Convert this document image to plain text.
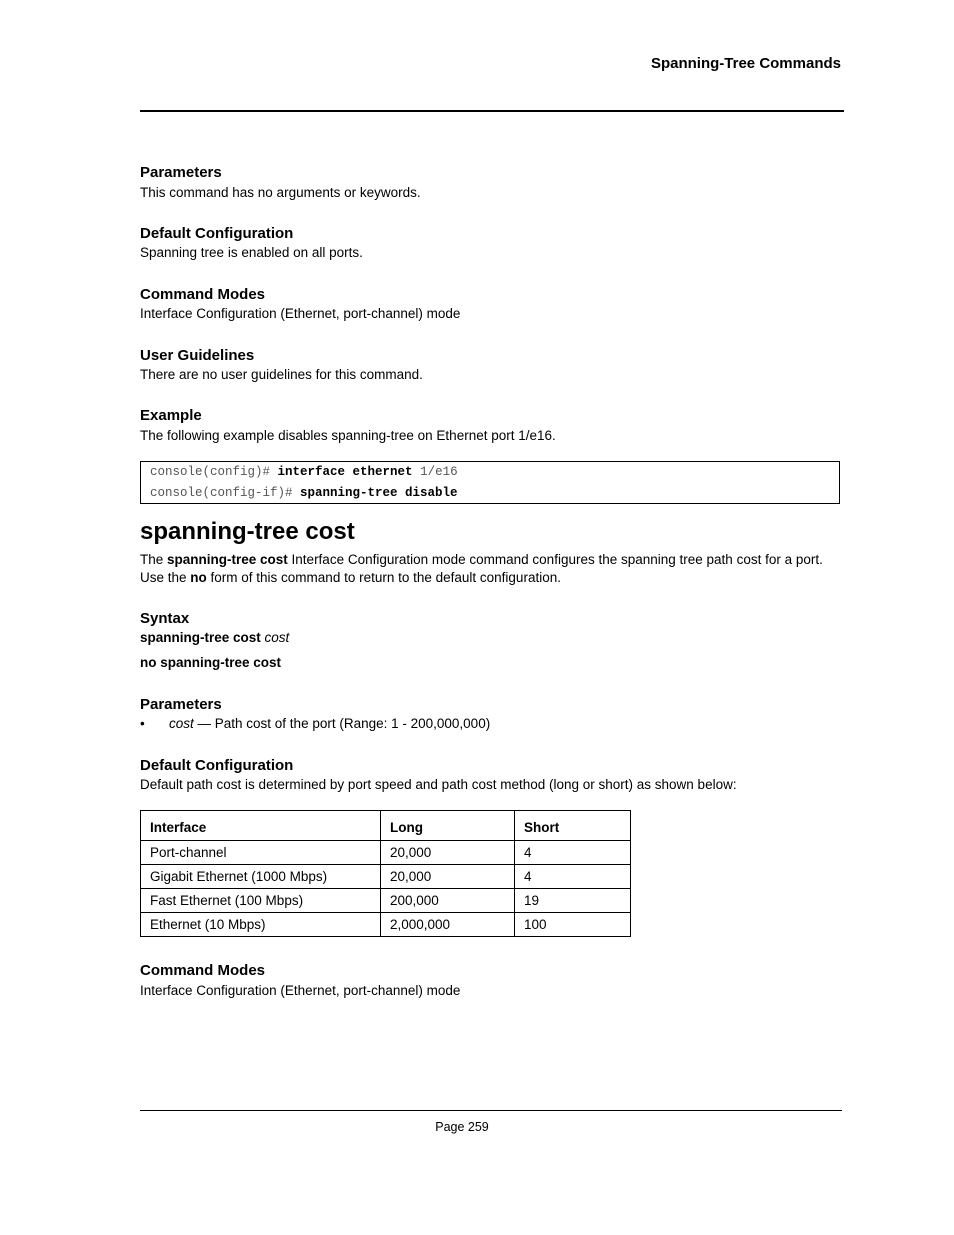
Spanning-Tree Commands
Parameters
This command has no arguments or keywords.
Default Configuration
Spanning tree is enabled on all ports.
Command Modes
Interface Configuration (Ethernet, port-channel) mode
User Guidelines
There are no user guidelines for this command.
Example
The following example disables spanning-tree on Ethernet port 1/e16.
console(config)# interface ethernet 1/e16
console(config-if)# spanning-tree disable
spanning-tree cost
The spanning-tree cost Interface Configuration mode command configures the spanning tree path cost for a port. Use the no form of this command to return to the default configuration.
Syntax
spanning-tree cost cost
no spanning-tree cost
Parameters
• cost — Path cost of the port (Range: 1 - 200,000,000)
Default Configuration
Default path cost is determined by port speed and path cost method (long or short) as shown below:
Interface	Long	Short
Port-channel	20,000	4
Gigabit Ethernet (1000 Mbps)	20,000	4
Fast Ethernet (100 Mbps)	200,000	19
Ethernet (10 Mbps)	2,000,000	100
Command Modes
Interface Configuration (Ethernet, port-channel) mode
Page 259
